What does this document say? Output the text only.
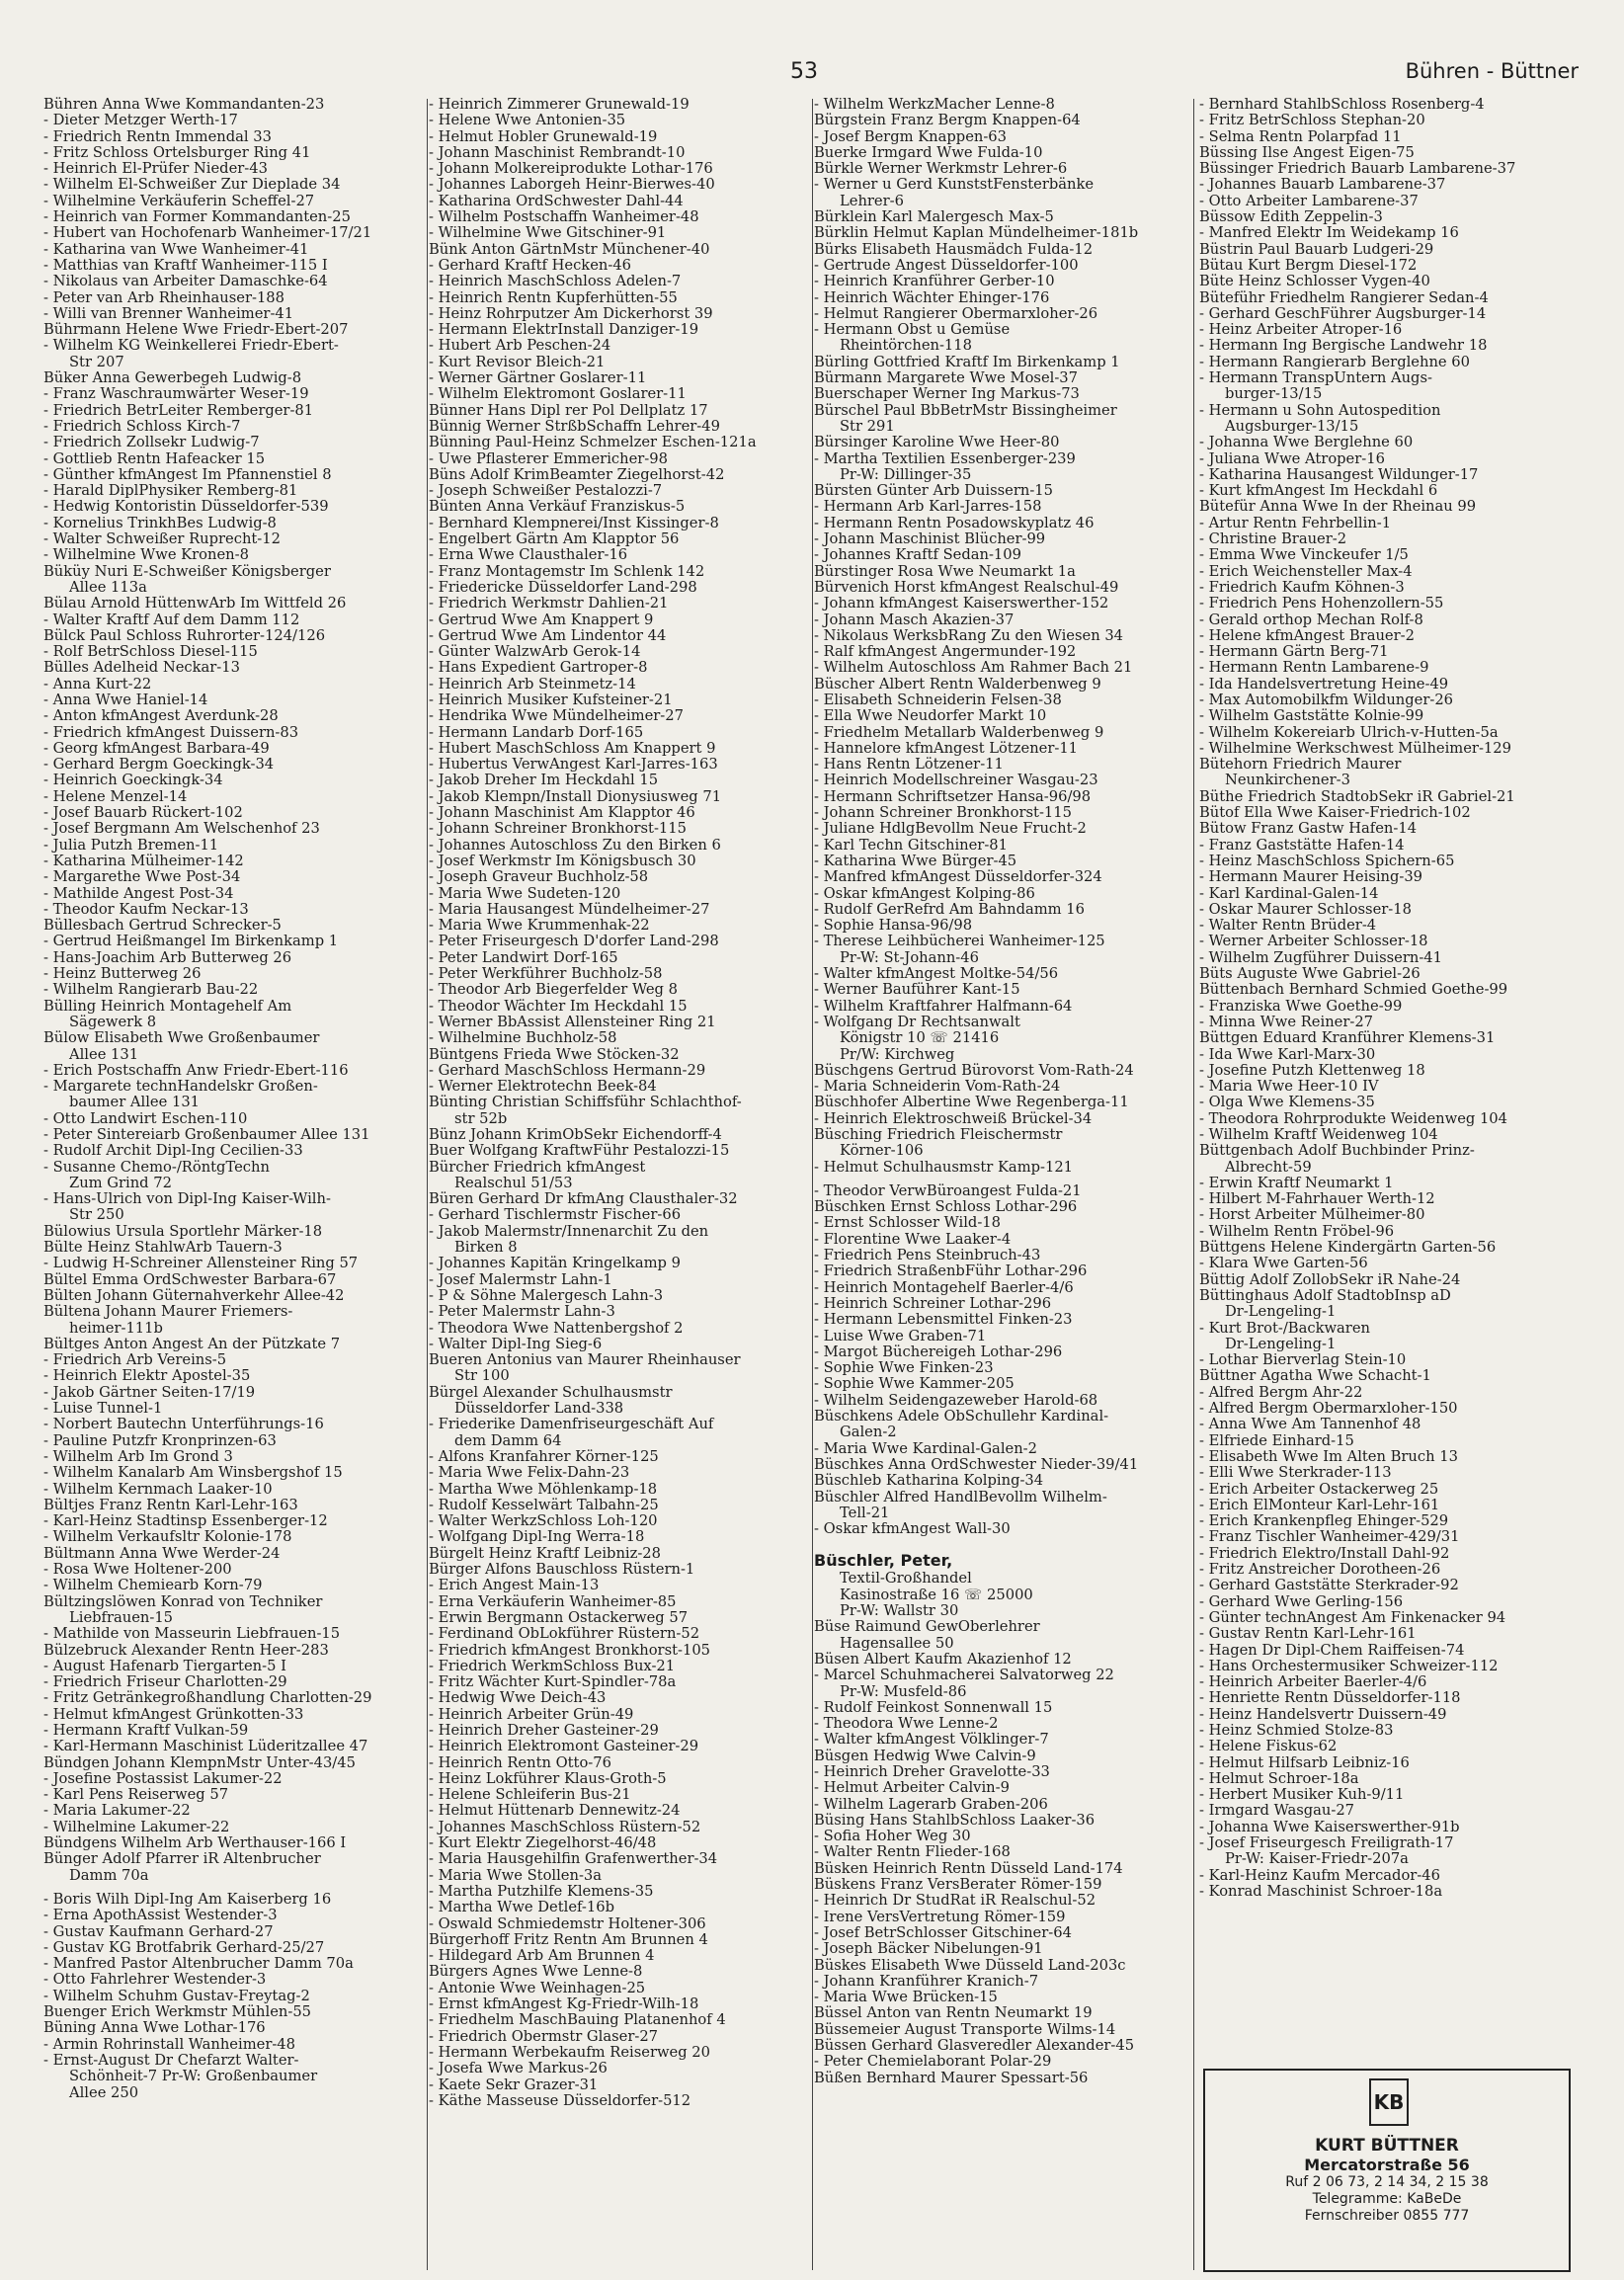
53	Bühren - Büttner
Bühren Anna Wwe Kommandanten-23
- Dieter Metzger Werth-17
- Friedrich Rentn Immendal 33
- Fritz Schloss Ortelsburger Ring 41
- Heinrich El-Prüfer Nieder-43
- Wilhelm El-Schweißer Zur Dieplade 34
- Wilhelmine Verkäuferin Scheffel-27
- Heinrich van Former Kommandanten-25
- Hubert van Hochofenarb Wanheimer-17/21
- Katharina van Wwe Wanheimer-41
- Matthias van Kraftf Wanheimer-115 I
- Nikolaus van Arbeiter Damaschke-64
- Peter van Arb Rheinhauser-188
- Willi van Brenner Wanheimer-41
Bührmann Helene Wwe Friedr-Ebert-207
- Wilhelm KG Weinkellerei Friedr-Ebert-
Str 207
Büker Anna Gewerbegeh Ludwig-8
- Franz Waschraumwärter Weser-19
- Friedrich BetrLeiter Remberger-81
- Friedrich Schloss Kirch-7
- Friedrich Zollsekr Ludwig-7
- Gottlieb Rentn Hafeacker 15
- Günther kfmAngest Im Pfannenstiel 8
- Harald DiplPhysiker Remberg-81
- Hedwig Kontoristin Düsseldorfer-539
- Kornelius TrinkhBes Ludwig-8
- Walter Schweißer Ruprecht-12
- Wilhelmine Wwe Kronen-8
Büküy Nuri E-Schweißer Königsberger
Allee 113a
Bülau Arnold HüttenwArb Im Wittfeld 26
- Walter Kraftf Auf dem Damm 112
Bülck Paul Schloss Ruhrorter-124/126
- Rolf BetrSchloss Diesel-115
Bülles Adelheid Neckar-13
- Anna Kurt-22
- Anna Wwe Haniel-14
- Anton kfmAngest Averdunk-28
- Friedrich kfmAngest Duissern-83
- Georg kfmAngest Barbara-49
- Gerhard Bergm Goeckingk-34
- Heinrich Goeckingk-34
- Helene Menzel-14
- Josef Bauarb Rückert-102
- Josef Bergmann Am Welschenhof 23
- Julia Putzh Bremen-11
- Katharina Mülheimer-142
- Margarethe Wwe Post-34
- Mathilde Angest Post-34
- Theodor Kaufm Neckar-13
Büllesbach Gertrud Schrecker-5
- Gertrud Heißmangel Im Birkenkamp 1
- Hans-Joachim Arb Butterweg 26
- Heinz Butterweg 26
- Wilhelm Rangierarb Bau-22
Bülling Heinrich Montagehelf Am
Sägewerk 8
Bülow Elisabeth Wwe Großenbaumer
Allee 131
- Erich Postschaffn Anw Friedr-Ebert-116
- Margarete technHandelskr Großen-
baumer Allee 131
- Otto Landwirt Eschen-110
- Peter Sintereiarb Großenbaumer Allee 131
- Rudolf Archit Dipl-Ing Cecilien-33
- Susanne Chemo-/RöntgTechn
Zum Grind 72
- Hans-Ulrich von Dipl-Ing Kaiser-Wilh-
Str 250
Bülowius Ursula Sportlehr Märker-18
Bülte Heinz StahlwArb Tauern-3
- Ludwig H-Schreiner Allensteiner Ring 57
Bültel Emma OrdSchwester Barbara-67
Bülten Johann Güternahverkehr Allee-42
Bültena Johann Maurer Friemers-
heimer-111b
Bültges Anton Angest An der Pützkate 7
- Friedrich Arb Vereins-5
- Heinrich Elektr Apostel-35
- Jakob Gärtner Seiten-17/19
- Luise Tunnel-1
- Norbert Bautechn Unterführungs-16
- Pauline Putzfr Kronprinzen-63
- Wilhelm Arb Im Grond 3
- Wilhelm Kanalarb Am Winsbergshof 15
- Wilhelm Kernmach Laaker-10
Bültjes Franz Rentn Karl-Lehr-163
- Karl-Heinz Stadtinsp Essenberger-12
- Wilhelm Verkaufsltr Kolonie-178
Bültmann Anna Wwe Werder-24
- Rosa Wwe Holtener-200
- Wilhelm Chemiearb Korn-79
Bültzingslöwen Konrad von Techniker
Liebfrauen-15
- Mathilde von Masseurin Liebfrauen-15
Bülzebruck Alexander Rentn Heer-283
- August Hafenarb Tiergarten-5 I
- Friedrich Friseur Charlotten-29
- Fritz Getränkegroßhandlung Charlotten-29
- Helmut kfmAngest Grünkotten-33
- Hermann Kraftf Vulkan-59
- Karl-Hermann Maschinist Lüderitzallee 47
Bündgen Johann KlempnMstr Unter-43/45
- Josefine Postassist Lakumer-22
- Karl Pens Reiserweg 57
- Maria Lakumer-22
- Wilhelmine Lakumer-22
Bündgens Wilhelm Arb Werthauser-166 I
Bünger Adolf Pfarrer iR Altenbrucher
Damm 70a
- Boris Wilh Dipl-Ing Am Kaiserberg 16
- Erna ApothAssist Westender-3
- Gustav Kaufmann Gerhard-27
- Gustav KG Brotfabrik Gerhard-25/27
- Manfred Pastor Altenbrucher Damm 70a
- Otto Fahrlehrer Westender-3
- Wilhelm Schuhm Gustav-Freytag-2
Buenger Erich Werkmstr Mühlen-55
Büning Anna Wwe Lothar-176
- Armin Rohrinstall Wanheimer-48
- Ernst-August Dr Chefarzt Walter-
Schönheit-7 Pr-W: Großenbaumer
Allee 250
- Heinrich Zimmerer Grunewald-19
- Helene Wwe Antonien-35
- Helmut Hobler Grunewald-19
- Johann Maschinist Rembrandt-10
- Johann Molkereiprodukte Lothar-176
- Johannes Laborgeh Heinr-Bierwes-40
- Katharina OrdSchwester Dahl-44
- Wilhelm Postschaffn Wanheimer-48
- Wilhelmine Wwe Gitschiner-91
Bünk Anton GärtnMstr Münchener-40
- Gerhard Kraftf Hecken-46
- Heinrich MaschSchloss Adelen-7
- Heinrich Rentn Kupferhütten-55
- Heinz Rohrputzer Am Dickerhorst 39
- Hermann ElektrInstall Danziger-19
- Hubert Arb Peschen-24
- Kurt Revisor Bleich-21
- Werner Gärtner Goslarer-11
- Wilhelm Elektromont Goslarer-11
Bünner Hans Dipl rer Pol Dellplatz 17
Bünnig Werner StrßbSchaffn Lehrer-49
Bünning Paul-Heinz Schmelzer Eschen-121a
- Uwe Pflasterer Emmericher-98
Büns Adolf KrimBeamter Ziegelhorst-42
- Joseph Schweißer Pestalozzi-7
Bünten Anna Verkäuf Franziskus-5
- Bernhard Klempnerei/Inst Kissinger-8
- Engelbert Gärtn Am Klapptor 56
- Erna Wwe Clausthaler-16
- Franz Montagemstr Im Schlenk 142
- Friedericke Düsseldorfer Land-298
- Friedrich Werkmstr Dahlien-21
- Gertrud Wwe Am Knappert 9
- Gertrud Wwe Am Lindentor 44
- Günter WalzwArb Gerok-14
- Hans Expedient Gartroper-8
- Heinrich Arb Steinmetz-14
- Heinrich Musiker Kufsteiner-21
- Hendrika Wwe Mündelheimer-27
- Hermann Landarb Dorf-165
- Hubert MaschSchloss Am Knappert 9
- Hubertus VerwAngest Karl-Jarres-163
- Jakob Dreher Im Heckdahl 15
- Jakob Klempn/Install Dionysiusweg 71
- Johann Maschinist Am Klapptor 46
- Johann Schreiner Bronkhorst-115
- Johannes Autoschloss Zu den Birken 6
- Josef Werkmstr Im Königsbusch 30
- Joseph Graveur Buchholz-58
- Maria Wwe Sudeten-120
- Maria Hausangest Mündelheimer-27
- Maria Wwe Krummenhak-22
- Peter Friseurgesch D'dorfer Land-298
- Peter Landwirt Dorf-165
- Peter Werkführer Buchholz-58
- Theodor Arb Biegerfelder Weg 8
- Theodor Wächter Im Heckdahl 15
- Werner BbAssist Allensteiner Ring 21
- Wilhelmine Buchholz-58
Büntgens Frieda Wwe Stöcken-32
- Gerhard MaschSchloss Hermann-29
- Werner Elektrotechn Beek-84
Bünting Christian Schiffsführ Schlachthof-
str 52b
Bünz Johann KrimObSekr Eichendorff-4
Buer Wolfgang KraftwFühr Pestalozzi-15
Bürcher Friedrich kfmAngest
Realschul 51/53
Büren Gerhard Dr kfmAng Clausthaler-32
- Gerhard Tischlermstr Fischer-66
- Jakob Malermstr/Innenarchit Zu den
Birken 8
- Johannes Kapitän Kringelkamp 9
- Josef Malermstr Lahn-1
- P & Söhne Malergesch Lahn-3
- Peter Malermstr Lahn-3
- Theodora Wwe Nattenbergshof 2
- Walter Dipl-Ing Sieg-6
Bueren Antonius van Maurer Rheinhauser
Str 100
Bürgel Alexander Schulhausmstr
Düsseldorfer Land-338
- Friederike Damenfriseurgeschäft Auf
dem Damm 64
- Alfons Kranfahrer Körner-125
- Maria Wwe Felix-Dahn-23
- Martha Wwe Möhlenkamp-18
- Rudolf Kesselwärt Talbahn-25
- Walter WerkzSchloss Loh-120
- Wolfgang Dipl-Ing Werra-18
Bürgelt Heinz Kraftf Leibniz-28
Bürger Alfons Bauschloss Rüstern-1
- Erich Angest Main-13
- Erna Verkäuferin Wanheimer-85
- Erwin Bergmann Ostackerweg 57
- Ferdinand ObLokführer Rüstern-52
- Friedrich kfmAngest Bronkhorst-105
- Friedrich WerkmSchloss Bux-21
- Fritz Wächter Kurt-Spindler-78a
- Hedwig Wwe Deich-43
- Heinrich Arbeiter Grün-49
- Heinrich Dreher Gasteiner-29
- Heinrich Elektromont Gasteiner-29
- Heinrich Rentn Otto-76
- Heinz Lokführer Klaus-Groth-5
- Helene Schleiferin Bus-21
- Helmut Hüttenarb Dennewitz-24
- Johannes MaschSchloss Rüstern-52
- Kurt Elektr Ziegelhorst-46/48
- Maria Hausgehilfin Grafenwerther-34
- Maria Wwe Stollen-3a
- Martha Putzhilfe Klemens-35
- Martha Wwe Detlef-16b
- Oswald Schmiedemstr Holtener-306
Bürgerhoff Fritz Rentn Am Brunnen 4
- Hildegard Arb Am Brunnen 4
Bürgers Agnes Wwe Lenne-8
- Antonie Wwe Weinhagen-25
- Ernst kfmAngest Kg-Friedr-Wilh-18
- Friedhelm MaschBauing Platanenhof 4
- Friedrich Obermstr Glaser-27
- Hermann Werbekaufm Reiserweg 20
- Josefa Wwe Markus-26
- Kaete Sekr Grazer-31
- Käthe Masseuse Düsseldorfer-512
- Wilhelm WerkzMacher Lenne-8
Bürgstein Franz Bergm Knappen-64
- Josef Bergm Knappen-63
Buerke Irmgard Wwe Fulda-10
Bürkle Werner Werkmstr Lehrer-6
- Werner u Gerd KunststFensterbänke
Lehrer-6
Bürklein Karl Malergesch Max-5
Bürklin Helmut Kaplan Mündelheimer-181b
Bürks Elisabeth Hausmädch Fulda-12
- Gertrude Angest Düsseldorfer-100
- Heinrich Kranführer Gerber-10
- Heinrich Wächter Ehinger-176
- Helmut Rangierer Obermarxloher-26
- Hermann Obst u Gemüse
Rheintörchen-118
Bürling Gottfried Kraftf Im Birkenkamp 1
Bürmann Margarete Wwe Mosel-37
Buerschaper Werner Ing Markus-73
Bürschel Paul BbBetrMstr Bissingheimer
Str 291
Bürsinger Karoline Wwe Heer-80
- Martha Textilien Essenberger-239
Pr-W: Dillinger-35
Bürsten Günter Arb Duissern-15
- Hermann Arb Karl-Jarres-158
- Hermann Rentn Posadowskyplatz 46
- Johann Maschinist Blücher-99
- Johannes Kraftf Sedan-109
Bürstinger Rosa Wwe Neumarkt 1a
Bürvenich Horst kfmAngest Realschul-49
- Johann kfmAngest Kaiserswerther-152
- Johann Masch Akazien-37
- Nikolaus WerksbRang Zu den Wiesen 34
- Ralf kfmAngest Angermunder-192
- Wilhelm Autoschloss Am Rahmer Bach 21
Büscher Albert Rentn Walderbenweg 9
- Elisabeth Schneiderin Felsen-38
- Ella Wwe Neudorfer Markt 10
- Friedhelm Metallarb Walderbenweg 9
- Hannelore kfmAngest Lötzener-11
- Hans Rentn Lötzener-11
- Heinrich Modellschreiner Wasgau-23
- Hermann Schriftsetzer Hansa-96/98
- Johann Schreiner Bronkhorst-115
- Juliane HdlgBevollm Neue Frucht-2
- Karl Techn Gitschiner-81
- Katharina Wwe Bürger-45
- Manfred kfmAngest Düsseldorfer-324
- Oskar kfmAngest Kolping-86
- Rudolf GerRefrd Am Bahndamm 16
- Sophie Hansa-96/98
- Therese Leihbücherei Wanheimer-125
Pr-W: St-Johann-46
- Walter kfmAngest Moltke-54/56
- Werner Bauführer Kant-15
- Wilhelm Kraftfahrer Halfmann-64
- Wolfgang Dr Rechtsanwalt
Königstr 10 ☏ 21416
Pr/W: Kirchweg
Büschgens Gertrud Bürovorst Vom-Rath-24
- Maria Schneiderin Vom-Rath-24
Büschhofer Albertine Wwe Regenberga-11
- Heinrich Elektroschweiß Brückel-34
Büsching Friedrich Fleischermstr
Körner-106
- Helmut Schulhausmstr Kamp-121
- Theodor VerwBüroangest Fulda-21
Büschken Ernst Schloss Lothar-296
- Ernst Schlosser Wild-18
- Florentine Wwe Laaker-4
- Friedrich Pens Steinbruch-43
- Friedrich StraßenbFühr Lothar-296
- Heinrich Montagehelf Baerler-4/6
- Heinrich Schreiner Lothar-296
- Hermann Lebensmittel Finken-23
- Luise Wwe Graben-71
- Margot Büchereigeh Lothar-296
- Sophie Wwe Finken-23
- Sophie Wwe Kammer-205
- Wilhelm Seidengazeweber Harold-68
Büschkens Adele ObSchullehr Kardinal-
Galen-2
- Maria Wwe Kardinal-Galen-2
Büschkes Anna OrdSchwester Nieder-39/41
Büschleb Katharina Kolping-34
Büschler Alfred HandlBevollm Wilhelm-
Tell-21
- Oskar kfmAngest Wall-30
Büschler, Peter,
Textil-Großhandel
Kasinostraße 16 ☏ 25000
Pr-W: Wallstr 30
Büse Raimund GewOberlehrer
Hagensallee 50
Büsen Albert Kaufm Akazienhof 12
- Marcel Schuhmacherei Salvatorweg 22
Pr-W: Musfeld-86
- Rudolf Feinkost Sonnenwall 15
- Theodora Wwe Lenne-2
- Walter kfmAngest Völklinger-7
Büsgen Hedwig Wwe Calvin-9
- Heinrich Dreher Gravelotte-33
- Helmut Arbeiter Calvin-9
- Wilhelm Lagerarb Graben-206
Büsing Hans StahlbSchloss Laaker-36
- Sofia Hoher Weg 30
- Walter Rentn Flieder-168
Büsken Heinrich Rentn Düsseld Land-174
Büskens Franz VersBerater Römer-159
- Heinrich Dr StudRat iR Realschul-52
- Irene VersVertretung Römer-159
- Josef BetrSchlosser Gitschiner-64
- Joseph Bäcker Nibelungen-91
Büskes Elisabeth Wwe Düsseld Land-203c
- Johann Kranführer Kranich-7
- Maria Wwe Brücken-15
Büssel Anton van Rentn Neumarkt 19
Büssemeier August Transporte Wilms-14
Büssen Gerhard Glasveredler Alexander-45
- Peter Chemielaborant Polar-29
Büßen Bernhard Maurer Spessart-56
- Bernhard StahlbSchloss Rosenberg-4
- Fritz BetrSchloss Stephan-20
- Selma Rentn Polarpfad 11
Büssing Ilse Angest Eigen-75
Büssinger Friedrich Bauarb Lambarene-37
- Johannes Bauarb Lambarene-37
- Otto Arbeiter Lambarene-37
Büssow Edith Zeppelin-3
- Manfred Elektr Im Weidekamp 16
Büstrin Paul Bauarb Ludgeri-29
Bütau Kurt Bergm Diesel-172
Büte Heinz Schlosser Vygen-40
Büteführ Friedhelm Rangierer Sedan-4
- Gerhard GeschFührer Augsburger-14
- Heinz Arbeiter Atroper-16
- Hermann Ing Bergische Landwehr 18
- Hermann Rangierarb Berglehne 60
- Hermann TranspUntern Augs-
burger-13/15
- Hermann u Sohn Autospedition
Augsburger-13/15
- Johanna Wwe Berglehne 60
- Juliana Wwe Atroper-16
- Katharina Hausangest Wildunger-17
- Kurt kfmAngest Im Heckdahl 6
Bütefür Anna Wwe In der Rheinau 99
- Artur Rentn Fehrbellin-1
- Christine Brauer-2
- Emma Wwe Vinckeufer 1/5
- Erich Weichensteller Max-4
- Friedrich Kaufm Köhnen-3
- Friedrich Pens Hohenzollern-55
- Gerald orthop Mechan Rolf-8
- Helene kfmAngest Brauer-2
- Hermann Gärtn Berg-71
- Hermann Rentn Lambarene-9
- Ida Handelsvertretung Heine-49
- Max Automobilkfm Wildunger-26
- Wilhelm Gaststätte Kolnie-99
- Wilhelm Kokereiarb Ulrich-v-Hutten-5a
- Wilhelmine Werkschwest Mülheimer-129
Bütehorn Friedrich Maurer
Neunkirchener-3
Büthe Friedrich StadtobSekr iR Gabriel-21
Bütof Ella Wwe Kaiser-Friedrich-102
Bütow Franz Gastw Hafen-14
- Franz Gaststätte Hafen-14
- Heinz MaschSchloss Spichern-65
- Hermann Maurer Heising-39
- Karl Kardinal-Galen-14
- Oskar Maurer Schlosser-18
- Walter Rentn Brüder-4
- Werner Arbeiter Schlosser-18
- Wilhelm Zugführer Duissern-41
Büts Auguste Wwe Gabriel-26
Büttenbach Bernhard Schmied Goethe-99
- Franziska Wwe Goethe-99
- Minna Wwe Reiner-27
Büttgen Eduard Kranführer Klemens-31
- Ida Wwe Karl-Marx-30
- Josefine Putzh Klettenweg 18
- Maria Wwe Heer-10 IV
- Olga Wwe Klemens-35
- Theodora Rohrprodukte Weidenweg 104
- Wilhelm Kraftf Weidenweg 104
Büttgenbach Adolf Buchbinder Prinz-
Albrecht-59
- Erwin Kraftf Neumarkt 1
- Hilbert M-Fahrhauer Werth-12
- Horst Arbeiter Mülheimer-80
- Wilhelm Rentn Fröbel-96
Büttgens Helene Kindergärtn Garten-56
- Klara Wwe Garten-56
Büttig Adolf ZollobSekr iR Nahe-24
Büttinghaus Adolf StadtobInsp aD
Dr-Lengeling-1
- Kurt Brot-/Backwaren
Dr-Lengeling-1
- Lothar Bierverlag Stein-10
Büttner Agatha Wwe Schacht-1
- Alfred Bergm Ahr-22
- Alfred Bergm Obermarxloher-150
- Anna Wwe Am Tannenhof 48
- Elfriede Einhard-15
- Elisabeth Wwe Im Alten Bruch 13
- Elli Wwe Sterkrader-113
- Erich Arbeiter Ostackerweg 25
- Erich ElMonteur Karl-Lehr-161
- Erich Krankenpfleg Ehinger-529
- Franz Tischler Wanheimer-429/31
- Friedrich Elektro/Install Dahl-92
- Fritz Anstreicher Dorotheen-26
- Gerhard Gaststätte Sterkrader-92
- Gerhard Wwe Gerling-156
- Günter technAngest Am Finkenacker 94
- Gustav Rentn Karl-Lehr-161
- Hagen Dr Dipl-Chem Raiffeisen-74
- Hans Orchestermusiker Schweizer-112
- Heinrich Arbeiter Baerler-4/6
- Henriette Rentn Düsseldorfer-118
- Heinz Handelsvertr Duissern-49
- Heinz Schmied Stolze-83
- Helene Fiskus-62
- Helmut Hilfsarb Leibniz-16
- Helmut Schroer-18a
- Herbert Musiker Kuh-9/11
- Irmgard Wasgau-27
- Johanna Wwe Kaiserswerther-91b
- Josef Friseurgesch Freiligrath-17
Pr-W: Kaiser-Friedr-207a
- Karl-Heinz Kaufm Mercador-46
- Konrad Maschinist Schroer-18a
KB
KURT BÜTTNER
Mercatorstraße 56
Ruf 2 06 73, 2 14 34, 2 15 38
Telegramme: KaBeDe
Fernschreiber 0855 777
